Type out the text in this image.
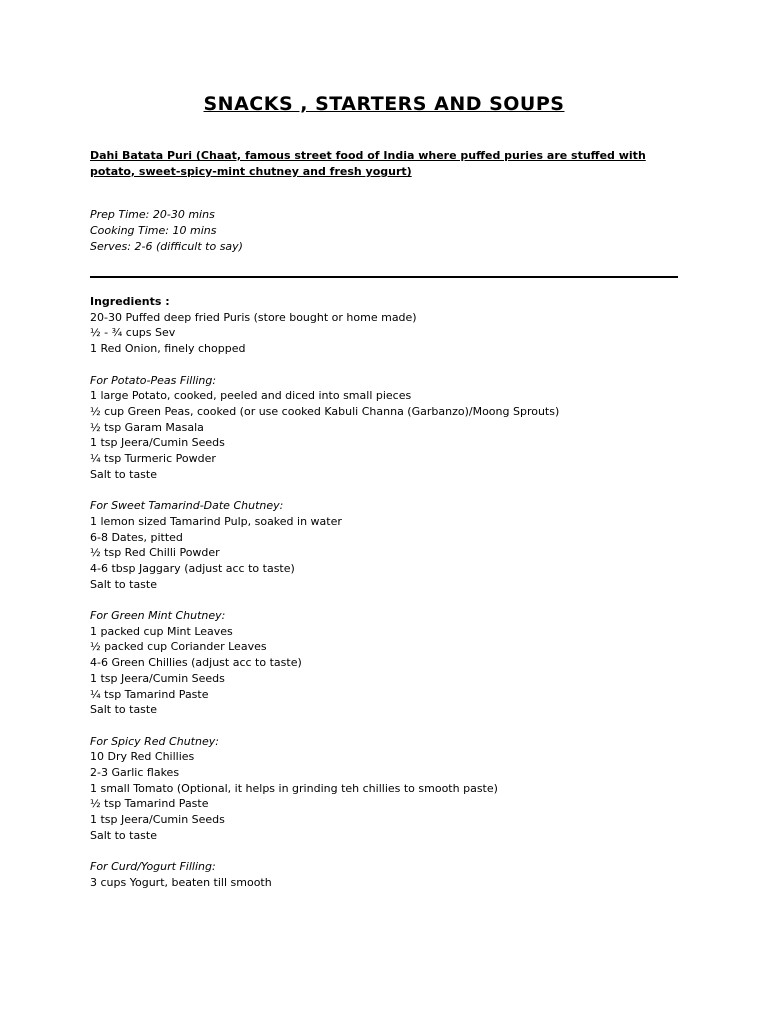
SNACKS , STARTERS AND SOUPS
Dahi Batata Puri (Chaat, famous street food of India where puffed puries are stuffed with potato, sweet-spicy-mint chutney and fresh yogurt)
Prep Time: 20-30 mins
Cooking Time: 10 mins
Serves: 2-6 (difficult to say)
Ingredients :
20-30 Puffed deep fried Puris (store bought or home made)
½ - ¾ cups Sev
1 Red Onion, finely chopped
For Potato-Peas Filling:
1 large Potato, cooked, peeled and diced into small pieces
½ cup Green Peas, cooked (or use cooked Kabuli Channa (Garbanzo)/Moong Sprouts)
½ tsp Garam Masala
1 tsp Jeera/Cumin Seeds
¼ tsp Turmeric Powder
Salt to taste
For Sweet Tamarind-Date Chutney:
1 lemon sized Tamarind Pulp, soaked in water
6-8 Dates, pitted
½ tsp Red Chilli Powder
4-6 tbsp Jaggary (adjust acc to taste)
Salt to taste
For Green Mint Chutney:
1 packed cup Mint Leaves
½ packed cup Coriander Leaves
4-6 Green Chillies (adjust acc to taste)
1 tsp Jeera/Cumin Seeds
¼ tsp Tamarind Paste
Salt to taste
For Spicy Red Chutney:
10 Dry Red Chillies
2-3 Garlic flakes
1 small Tomato (Optional, it helps in grinding teh chillies to smooth paste)
½ tsp Tamarind Paste
1 tsp Jeera/Cumin Seeds
Salt to taste
For Curd/Yogurt Filling:
3 cups Yogurt, beaten till smooth
